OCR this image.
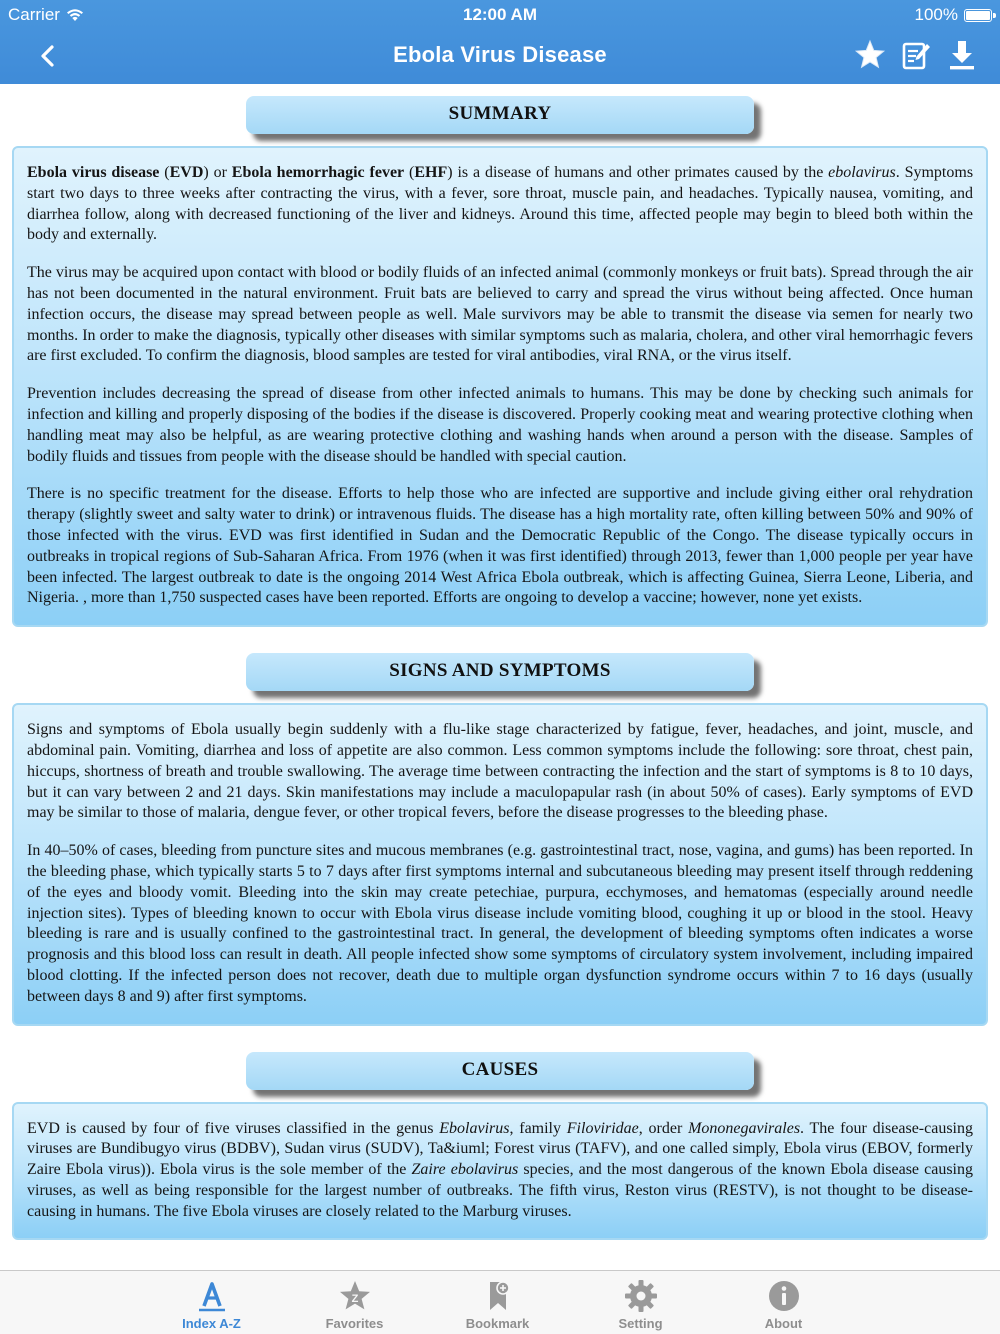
Carrier	12:00 AM	100%
Ebola Virus Disease
SUMMARY

Ebola virus disease (EVD) or Ebola hemorrhagic fever (EHF) is a disease of humans and other primates caused by the ebolavirus. Symptoms start two days to three weeks after contracting the virus, with a fever, sore throat, muscle pain, and headaches. Typically nausea, vomiting, and diarrhea follow, along with decreased functioning of the liver and kidneys. Around this time, affected people may begin to bleed both within the body and externally.

The virus may be acquired upon contact with blood or bodily fluids of an infected animal (commonly monkeys or fruit bats). Spread through the air has not been documented in the natural environment. Fruit bats are believed to carry and spread the virus without being affected. Once human infection occurs, the disease may spread between people as well. Male survivors may be able to transmit the disease via semen for nearly two months. In order to make the diagnosis, typically other diseases with similar symptoms such as malaria, cholera, and other viral hemorrhagic fevers are first excluded. To confirm the diagnosis, blood samples are tested for viral antibodies, viral RNA, or the virus itself.

Prevention includes decreasing the spread of disease from other infected animals to humans. This may be done by checking such animals for infection and killing and properly disposing of the bodies if the disease is discovered. Properly cooking meat and wearing protective clothing when handling meat may also be helpful, as are wearing protective clothing and washing hands when around a person with the disease. Samples of bodily fluids and tissues from people with the disease should be handled with special caution.

There is no specific treatment for the disease. Efforts to help those who are infected are supportive and include giving either oral rehydration therapy (slightly sweet and salty water to drink) or intravenous fluids. The disease has a high mortality rate, often killing between 50% and 90% of those infected with the virus. EVD was first identified in Sudan and the Democratic Republic of the Congo. The disease typically occurs in outbreaks in tropical regions of Sub-Saharan Africa. From 1976 (when it was first identified) through 2013, fewer than 1,000 people per year have been infected. The largest outbreak to date is the ongoing 2014 West Africa Ebola outbreak, which is affecting Guinea, Sierra Leone, Liberia, and Nigeria. , more than 1,750 suspected cases have been reported. Efforts are ongoing to develop a vaccine; however, none yet exists.

SIGNS AND SYMPTOMS

Signs and symptoms of Ebola usually begin suddenly with a flu-like stage characterized by fatigue, fever, headaches, and joint, muscle, and abdominal pain. Vomiting, diarrhea and loss of appetite are also common. Less common symptoms include the following: sore throat, chest pain, hiccups, shortness of breath and trouble swallowing. The average time between contracting the infection and the start of symptoms is 8 to 10 days, but it can vary between 2 and 21 days. Skin manifestations may include a maculopapular rash (in about 50% of cases). Early symptoms of EVD may be similar to those of malaria, dengue fever, or other tropical fevers, before the disease progresses to the bleeding phase.

In 40–50% of cases, bleeding from puncture sites and mucous membranes (e.g. gastrointestinal tract, nose, vagina, and gums) has been reported. In the bleeding phase, which typically starts 5 to 7 days after first symptoms internal and subcutaneous bleeding may present itself through reddening of the eyes and bloody vomit. Bleeding into the skin may create petechiae, purpura, ecchymoses, and hematomas (especially around needle injection sites). Types of bleeding known to occur with Ebola virus disease include vomiting blood, coughing it up or blood in the stool. Heavy bleeding is rare and is usually confined to the gastrointestinal tract. In general, the development of bleeding symptoms often indicates a worse prognosis and this blood loss can result in death. All people infected show some symptoms of circulatory system involvement, including impaired blood clotting. If the infected person does not recover, death due to multiple organ dysfunction syndrome occurs within 7 to 16 days (usually between days 8 and 9) after first symptoms.

CAUSES

EVD is caused by four of five viruses classified in the genus Ebolavirus, family Filoviridae, order Mononegavirales. The four disease-causing viruses are Bundibugyo virus (BDBV), Sudan virus (SUDV), Ta&iuml; Forest virus (TAFV), and one called simply, Ebola virus (EBOV, formerly Zaire Ebola virus)). Ebola virus is the sole member of the Zaire ebolavirus species, and the most dangerous of the known Ebola disease causing viruses, as well as being responsible for the largest number of outbreaks. The fifth virus, Reston virus (RESTV), is not thought to be disease-causing in humans. The five Ebola viruses are closely related to the Marburg viruses.

Index A-Z
Z
Favorites	Bookmark	Setting	About
